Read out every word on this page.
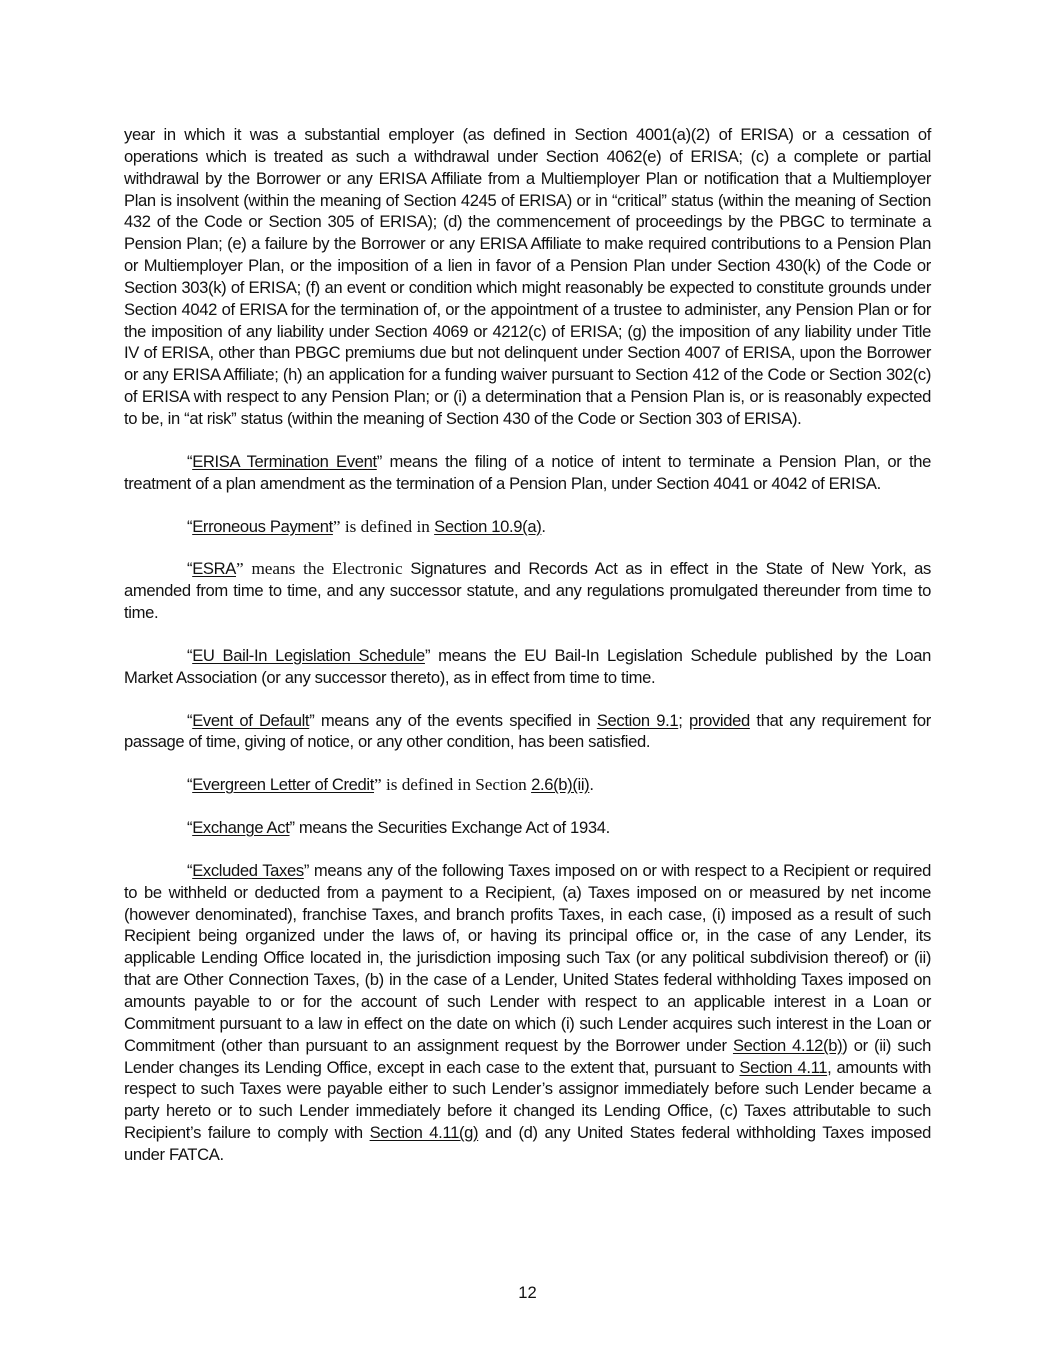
year in which it was a substantial employer (as defined in Section 4001(a)(2) of ERISA) or a cessation of operations which is treated as such a withdrawal under Section 4062(e) of ERISA; (c) a complete or partial withdrawal by the Borrower or any ERISA Affiliate from a Multiemployer Plan or notification that a Multiemployer Plan is insolvent (within the meaning of Section 4245 of ERISA) or in “critical” status (within the meaning of Section 432 of the Code or Section 305 of ERISA); (d) the commencement of proceedings by the PBGC to terminate a Pension Plan; (e) a failure by the Borrower or any ERISA Affiliate to make required contributions to a Pension Plan or Multiemployer Plan, or the imposition of a lien in favor of a Pension Plan under Section 430(k) of the Code or Section 303(k) of ERISA; (f) an event or condition which might reasonably be expected to constitute grounds under Section 4042 of ERISA for the termination of, or the appointment of a trustee to administer, any Pension Plan or for the imposition of any liability under Section 4069 or 4212(c) of ERISA; (g) the imposition of any liability under Title IV of ERISA, other than PBGC premiums due but not delinquent under Section 4007 of ERISA, upon the Borrower or any ERISA Affiliate; (h) an application for a funding waiver pursuant to Section 412 of the Code or Section 302(c) of ERISA with respect to any Pension Plan; or (i) a determination that a Pension Plan is, or is reasonably expected to be, in “at risk” status (within the meaning of Section 430 of the Code or Section 303 of ERISA).

“ERISA Termination Event” means the filing of a notice of intent to terminate a Pension Plan, or the treatment of a plan amendment as the termination of a Pension Plan, under Section 4041 or 4042 of ERISA.

“Erroneous Payment” is defined in Section 10.9(a).

“ESRA” means the Electronic Signatures and Records Act as in effect in the State of New York, as amended from time to time, and any successor statute, and any regulations promulgated thereunder from time to time.

“EU Bail-In Legislation Schedule” means the EU Bail-In Legislation Schedule published by the Loan Market Association (or any successor thereto), as in effect from time to time.

“Event of Default” means any of the events specified in Section 9.1; provided that any requirement for passage of time, giving of notice, or any other condition, has been satisfied.

“Evergreen Letter of Credit” is defined in Section 2.6(b)(ii).

“Exchange Act” means the Securities Exchange Act of 1934.

“Excluded Taxes” means any of the following Taxes imposed on or with respect to a Recipient or required to be withheld or deducted from a payment to a Recipient, (a) Taxes imposed on or measured by net income (however denominated), franchise Taxes, and branch profits Taxes, in each case, (i) imposed as a result of such Recipient being organized under the laws of, or having its principal office or, in the case of any Lender, its applicable Lending Office located in, the jurisdiction imposing such Tax (or any political subdivision thereof) or (ii) that are Other Connection Taxes, (b) in the case of a Lender, United States federal withholding Taxes imposed on amounts payable to or for the account of such Lender with respect to an applicable interest in a Loan or Commitment pursuant to a law in effect on the date on which (i) such Lender acquires such interest in the Loan or Commitment (other than pursuant to an assignment request by the Borrower under Section 4.12(b)) or (ii) such Lender changes its Lending Office, except in each case to the extent that, pursuant to Section 4.11, amounts with respect to such Taxes were payable either to such Lender’s assignor immediately before such Lender became a party hereto or to such Lender immediately before it changed its Lending Office, (c) Taxes attributable to such Recipient’s failure to comply with Section 4.11(g) and (d) any United States federal withholding Taxes imposed under FATCA.

12
